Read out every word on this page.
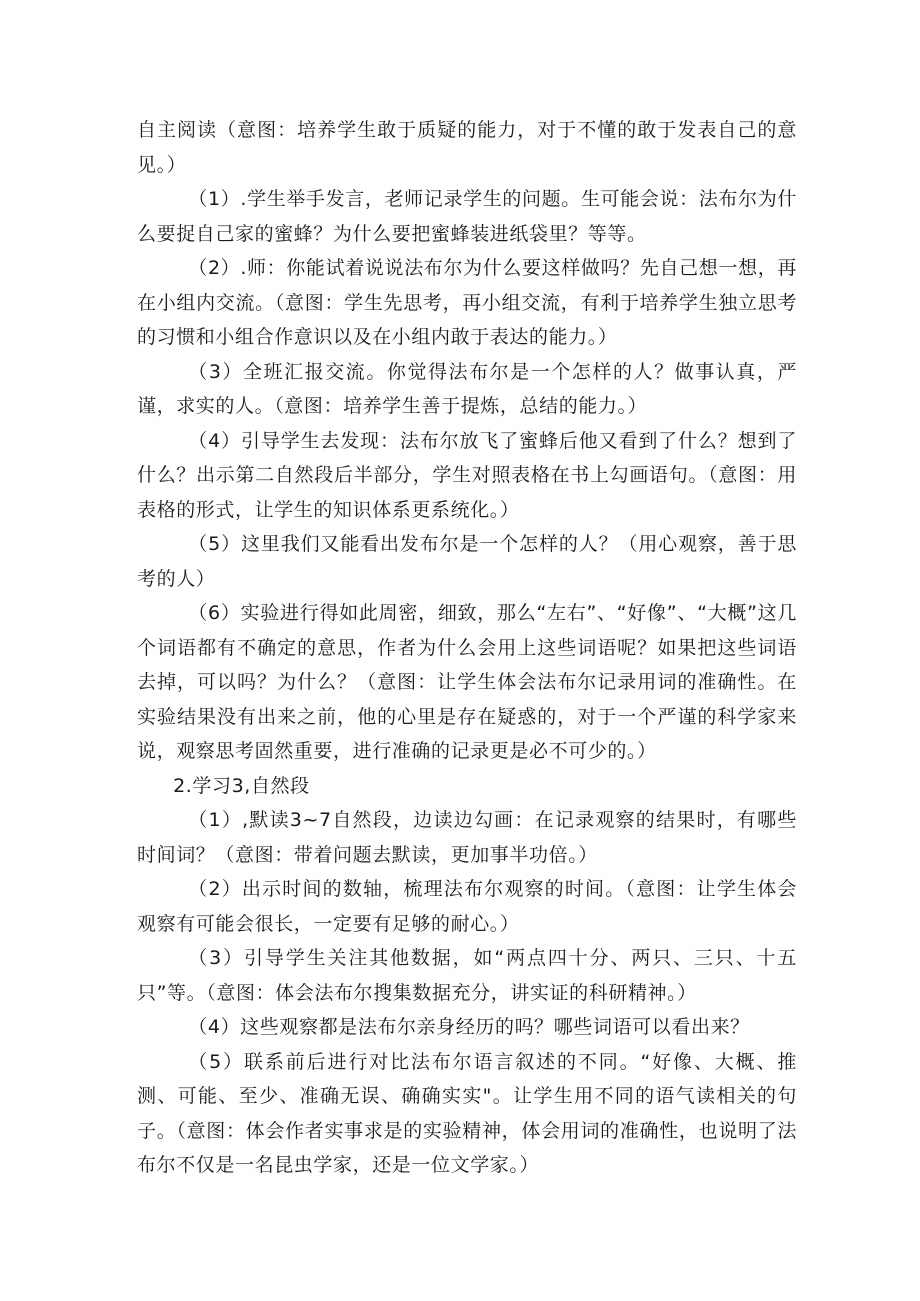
自主阅读（意图：培养学生敢于质疑的能力，对于不懂的敢于发表自己的意见。）

（1）.学生举手发言，老师记录学生的问题。生可能会说：法布尔为什么要捉自己家的蜜蜂？为什么要把蜜蜂装进纸袋里？等等。

（2）.师：你能试着说说法布尔为什么要这样做吗？先自己想一想，再在小组内交流。（意图：学生先思考，再小组交流，有利于培养学生独立思考的习惯和小组合作意识以及在小组内敢于表达的能力。）

（3）全班汇报交流。你觉得法布尔是一个怎样的人？做事认真，严谨，求实的人。（意图：培养学生善于提炼，总结的能力。）

（4）引导学生去发现：法布尔放飞了蜜蜂后他又看到了什么？想到了什么？出示第二自然段后半部分，学生对照表格在书上勾画语句。（意图：用表格的形式，让学生的知识体系更系统化。）

（5）这里我们又能看出发布尔是一个怎样的人？（用心观察，善于思考的人）

（6）实验进行得如此周密，细致，那么“左右”、“好像”、“大概”这几个词语都有不确定的意思，作者为什么会用上这些词语呢？如果把这些词语去掉，可以吗？为什么？（意图：让学生体会法布尔记录用词的准确性。在实验结果没有出来之前，他的心里是存在疑惑的，对于一个严谨的科学家来说，观察思考固然重要，进行准确的记录更是必不可少的。）

2.学习3,自然段

（1）,默读3~7自然段，边读边勾画：在记录观察的结果时，有哪些时间词？（意图：带着问题去默读，更加事半功倍。）

（2）出示时间的数轴，梳理法布尔观察的时间。（意图：让学生体会观察有可能会很长，一定要有足够的耐心。）

（3）引导学生关注其他数据，如“两点四十分、两只、三只、十五只”等。（意图：体会法布尔搜集数据充分，讲实证的科研精神。）

（4）这些观察都是法布尔亲身经历的吗？哪些词语可以看出来？

（5）联系前后进行对比法布尔语言叙述的不同。“好像、大概、推测、可能、至少、准确无误、确确实实"。让学生用不同的语气读相关的句子。（意图：体会作者实事求是的实验精神，体会用词的准确性，也说明了法布尔不仅是一名昆虫学家，还是一位文学家。）
